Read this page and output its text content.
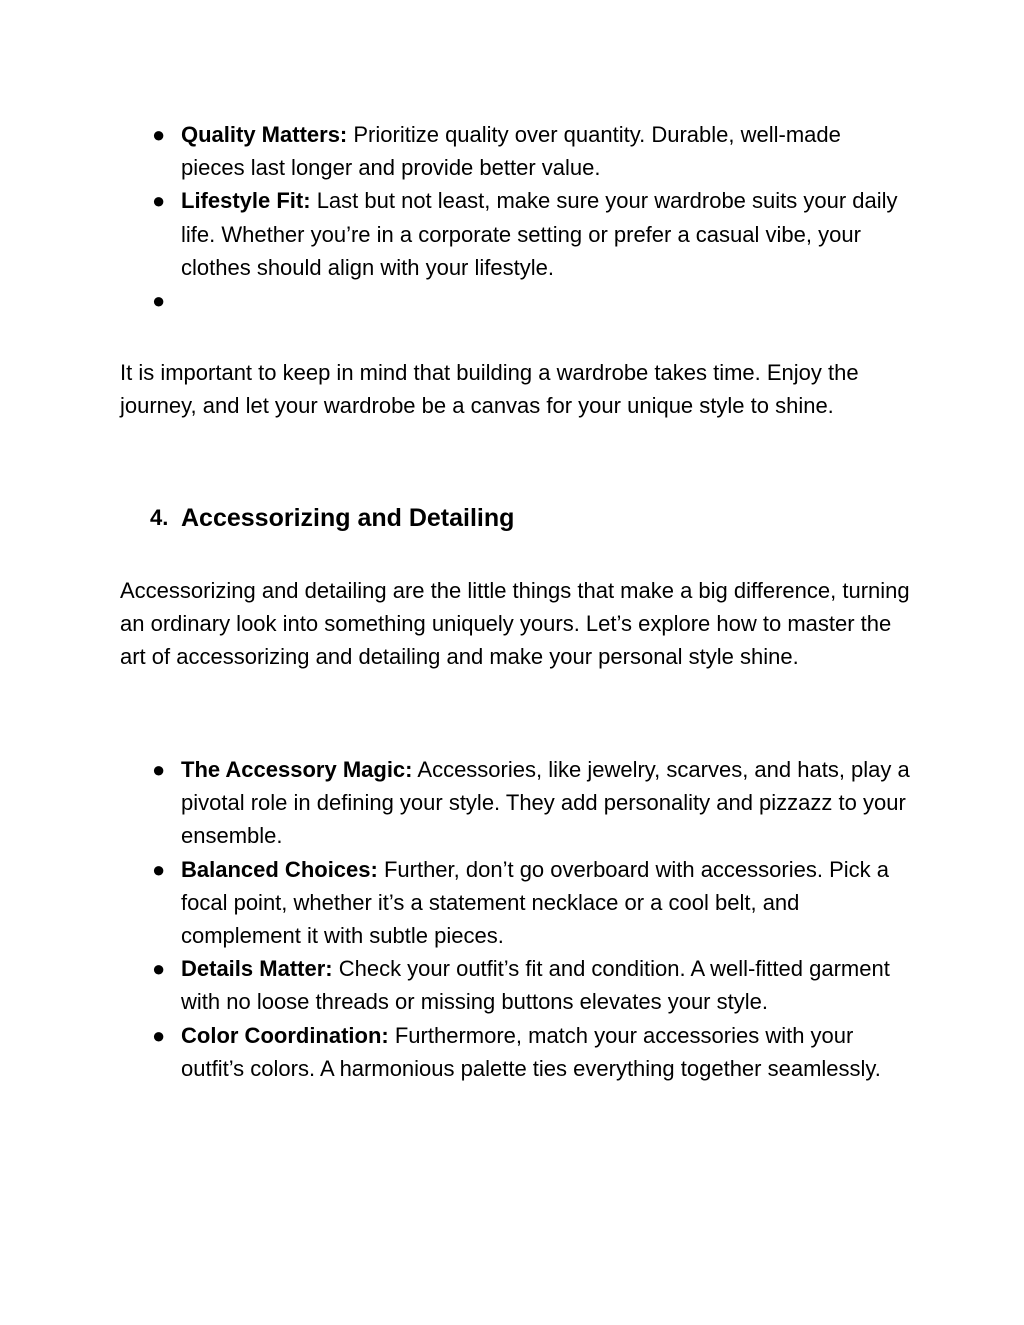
● Quality Matters: Prioritize quality over quantity. Durable, well-made pieces last longer and provide better value.
● Lifestyle Fit: Last but not least, make sure your wardrobe suits your daily life. Whether you’re in a corporate setting or prefer a casual vibe, your clothes should align with your lifestyle.
●

It is important to keep in mind that building a wardrobe takes time. Enjoy the journey, and let your wardrobe be a canvas for your unique style to shine.

4. Accessorizing and Detailing

Accessorizing and detailing are the little things that make a big difference, turning an ordinary look into something uniquely yours. Let’s explore how to master the art of accessorizing and detailing and make your personal style shine.

● The Accessory Magic: Accessories, like jewelry, scarves, and hats, play a pivotal role in defining your style. They add personality and pizzazz to your ensemble.
● Balanced Choices: Further, don’t go overboard with accessories. Pick a focal point, whether it’s a statement necklace or a cool belt, and complement it with subtle pieces.
● Details Matter: Check your outfit’s fit and condition. A well-fitted garment with no loose threads or missing buttons elevates your style.
● Color Coordination: Furthermore, match your accessories with your outfit’s colors. A harmonious palette ties everything together seamlessly.
